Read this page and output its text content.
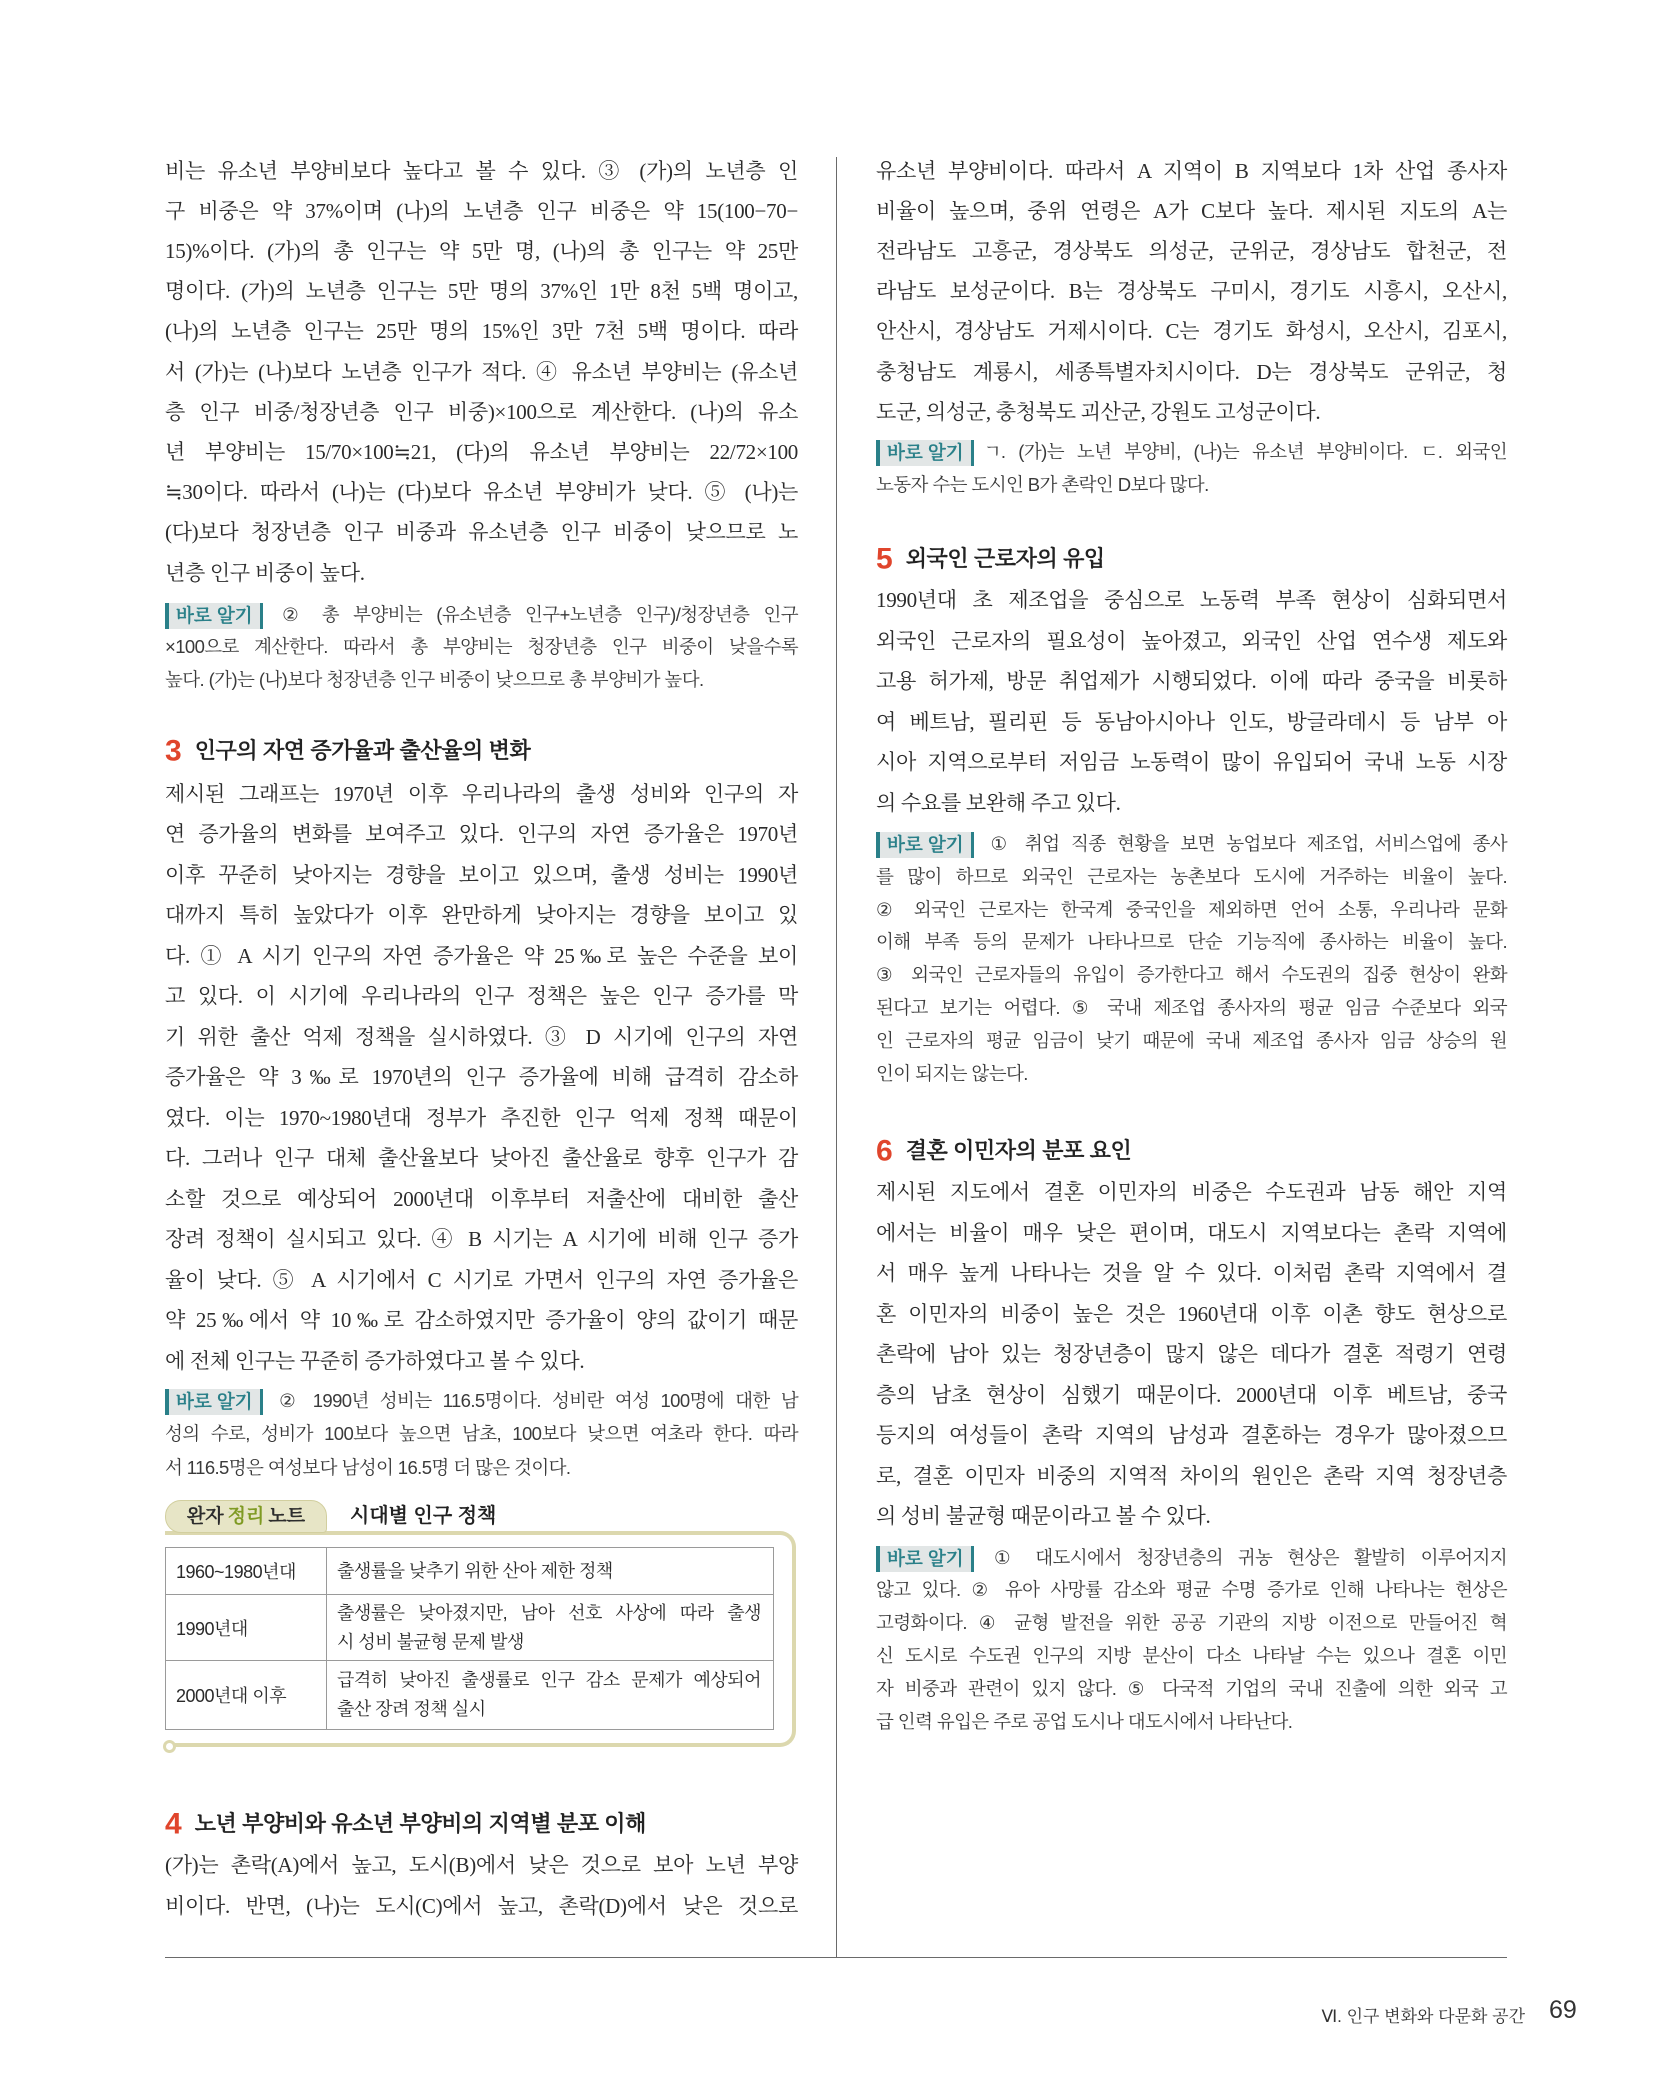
비는 유소년 부양비보다 높다고 볼 수 있다. ③ (가)의 노년층 인
구 비중은 약 37%이며 (나)의 노년층 인구 비중은 약 15(100−70−
15)%이다. (가)의 총 인구는 약 5만 명, (나)의 총 인구는 약 25만
명이다. (가)의 노년층 인구는 5만 명의 37%인 1만 8천 5백 명이고,
(나)의 노년층 인구는 25만 명의 15%인 3만 7천 5백 명이다. 따라
서 (가)는 (나)보다 노년층 인구가 적다. ④ 유소년 부양비는 (유소년
층 인구 비중/청장년층 인구 비중)×100으로 계산한다. (나)의 유소
년 부양비는 15/70×100≒21, (다)의 유소년 부양비는 22/72×100
≒30이다. 따라서 (나)는 (다)보다 유소년 부양비가 낮다. ⑤ (나)는
(다)보다 청장년층 인구 비중과 유소년층 인구 비중이 낮으므로 노
년층 인구 비중이 높다.
바로 알기 ② 총 부양비는 (유소년층 인구+노년층 인구)/청장년층 인구
×100으로 계산한다. 따라서 총 부양비는 청장년층 인구 비중이 낮을수록
높다. (가)는 (나)보다 청장년층 인구 비중이 낮으므로 총 부양비가 높다.
3 인구의 자연 증가율과 출산율의 변화
제시된 그래프는 1970년 이후 우리나라의 출생 성비와 인구의 자
연 증가율의 변화를 보여주고 있다. 인구의 자연 증가율은 1970년
이후 꾸준히 낮아지는 경향을 보이고 있으며, 출생 성비는 1990년
대까지 특히 높았다가 이후 완만하게 낮아지는 경향을 보이고 있
다. ① A 시기 인구의 자연 증가율은 약 25‰로 높은 수준을 보이
고 있다. 이 시기에 우리나라의 인구 정책은 높은 인구 증가를 막
기 위한 출산 억제 정책을 실시하였다. ③ D 시기에 인구의 자연
증가율은 약 3‰로 1970년의 인구 증가율에 비해 급격히 감소하
였다. 이는 1970~1980년대 정부가 추진한 인구 억제 정책 때문이
다. 그러나 인구 대체 출산율보다 낮아진 출산율로 향후 인구가 감
소할 것으로 예상되어 2000년대 이후부터 저출산에 대비한 출산
장려 정책이 실시되고 있다. ④ B 시기는 A 시기에 비해 인구 증가
율이 낮다. ⑤ A 시기에서 C 시기로 가면서 인구의 자연 증가율은
약 25‰에서 약 10‰로 감소하였지만 증가율이 양의 값이기 때문
에 전체 인구는 꾸준히 증가하였다고 볼 수 있다.
바로 알기 ② 1990년 성비는 116.5명이다. 성비란 여성 100명에 대한 남
성의 수로, 성비가 100보다 높으면 남초, 100보다 낮으면 여초라 한다. 따라
서 116.5명은 여성보다 남성이 16.5명 더 많은 것이다.
1960~1980년대	출생률을 낮추기 위한 산아 제한 정책

1990년대	출생률은 낮아졌지만, 남아 선호 사상에 따라 출생
시 성비 불균형 문제 발생

2000년대 이후	급격히 낮아진 출생률로 인구 감소 문제가 예상되어
출산 장려 정책 실시
완자 정리 노트	시대별 인구 정책
4 노년 부양비와 유소년 부양비의 지역별 분포 이해
(가)는 촌락(A)에서 높고, 도시(B)에서 낮은 것으로 보아 노년 부양
비이다. 반면, (나)는 도시(C)에서 높고, 촌락(D)에서 낮은 것으로
유소년 부양비이다. 따라서 A 지역이 B 지역보다 1차 산업 종사자
비율이 높으며, 중위 연령은 A가 C보다 높다. 제시된 지도의 A는
전라남도 고흥군, 경상북도 의성군, 군위군, 경상남도 합천군, 전
라남도 보성군이다. B는 경상북도 구미시, 경기도 시흥시, 오산시,
안산시, 경상남도 거제시이다. C는 경기도 화성시, 오산시, 김포시,
충청남도 계룡시, 세종특별자치시이다. D는 경상북도 군위군, 청
도군, 의성군, 충청북도 괴산군, 강원도 고성군이다.
바로 알기 ㄱ. (가)는 노년 부양비, (나)는 유소년 부양비이다. ㄷ. 외국인
노동자 수는 도시인 B가 촌락인 D보다 많다.
5 외국인 근로자의 유입
1990년대 초 제조업을 중심으로 노동력 부족 현상이 심화되면서
외국인 근로자의 필요성이 높아졌고, 외국인 산업 연수생 제도와
고용 허가제, 방문 취업제가 시행되었다. 이에 따라 중국을 비롯하
여 베트남, 필리핀 등 동남아시아나 인도, 방글라데시 등 남부 아
시아 지역으로부터 저임금 노동력이 많이 유입되어 국내 노동 시장
의 수요를 보완해 주고 있다.
바로 알기 ① 취업 직종 현황을 보면 농업보다 제조업, 서비스업에 종사
를 많이 하므로 외국인 근로자는 농촌보다 도시에 거주하는 비율이 높다.
② 외국인 근로자는 한국계 중국인을 제외하면 언어 소통, 우리나라 문화
이해 부족 등의 문제가 나타나므로 단순 기능직에 종사하는 비율이 높다.
③ 외국인 근로자들의 유입이 증가한다고 해서 수도권의 집중 현상이 완화
된다고 보기는 어렵다. ⑤ 국내 제조업 종사자의 평균 임금 수준보다 외국
인 근로자의 평균 임금이 낮기 때문에 국내 제조업 종사자 임금 상승의 원
인이 되지는 않는다.
6 결혼 이민자의 분포 요인
제시된 지도에서 결혼 이민자의 비중은 수도권과 남동 해안 지역
에서는 비율이 매우 낮은 편이며, 대도시 지역보다는 촌락 지역에
서 매우 높게 나타나는 것을 알 수 있다. 이처럼 촌락 지역에서 결
혼 이민자의 비중이 높은 것은 1960년대 이후 이촌 향도 현상으로
촌락에 남아 있는 청장년층이 많지 않은 데다가 결혼 적령기 연령
층의 남초 현상이 심했기 때문이다. 2000년대 이후 베트남, 중국
등지의 여성들이 촌락 지역의 남성과 결혼하는 경우가 많아졌으므
로, 결혼 이민자 비중의 지역적 차이의 원인은 촌락 지역 청장년층
의 성비 불균형 때문이라고 볼 수 있다.
바로 알기 ① 대도시에서 청장년층의 귀농 현상은 활발히 이루어지지
않고 있다. ② 유아 사망률 감소와 평균 수명 증가로 인해 나타나는 현상은
고령화이다. ④ 균형 발전을 위한 공공 기관의 지방 이전으로 만들어진 혁
신 도시로 수도권 인구의 지방 분산이 다소 나타날 수는 있으나 결혼 이민
자 비중과 관련이 있지 않다. ⑤ 다국적 기업의 국내 진출에 의한 외국 고
급 인력 유입은 주로 공업 도시나 대도시에서 나타난다.
Ⅵ. 인구 변화와 다문화 공간 69
